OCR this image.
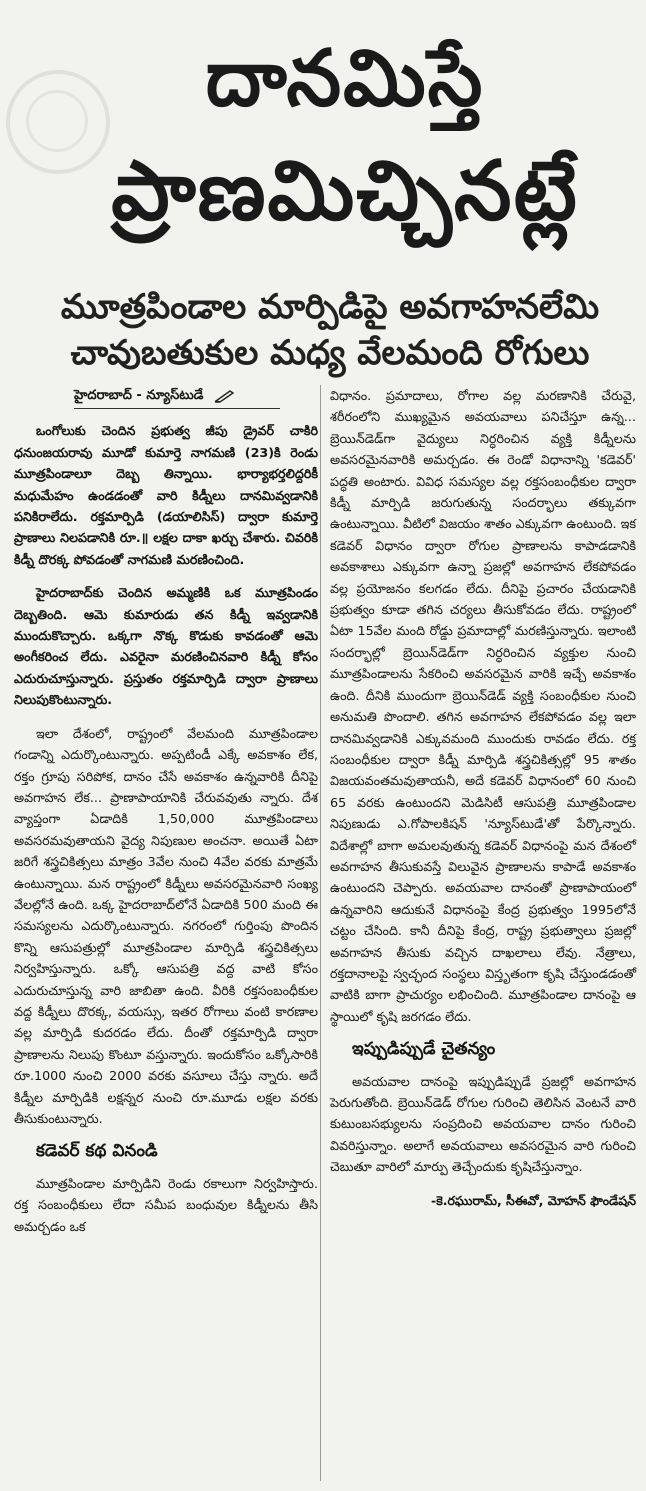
దానమిస్తే
ప్రాణమిచ్చినట్లే
మూత్రపిండాల మార్పిడిపై అవగాహనలేమి
చావుబతుకుల మధ్య వేలమంది రోగులు
హైదరాబాద్ - న్యూస్‌టుడే

ఒంగోలుకు చెందిన ప్రభుత్వ జీపు డ్రైవర్ చాకిరి ధనుంజయరావు మూడో కుమార్తె నాగమణి (23)కి రెండు మూత్రపిండాలూ దెబ్బ తిన్నాయి. భార్యాభర్తలిద్దరికీ మధుమేహం ఉండడంతో వారి కిడ్నీలు దానమివ్వడానికి పనికిరాలేదు. రక్తమార్పిడి (డయాలిసిస్) ద్వారా కుమార్తె ప్రాణాలు నిలపడానికి రూ.॥ లక్షల దాకా ఖర్చు చేశారు. చివరికి కిడ్నీ దొరక్క పోవడంతో నాగమణి మరణించింది.

హైదరాబాద్‌కు చెందిన అమ్మణికి ఒక మూత్రపిండం దెబ్బతింది. ఆమె కుమారుడు తన కిడ్నీ ఇవ్వడానికి ముందుకొచ్చారు. ఒక్కగా నొక్క కొడుకు కావడంతో ఆమె అంగీకరించ లేదు. ఎవరైనా మరణించినవారి కిడ్నీ కోసం ఎదురుచూస్తున్నారు. ప్రస్తుతం రక్తమార్పిడి ద్వారా ప్రాణాలు నిలుపుకొంటున్నారు.

ఇలా దేశంలో, రాష్ట్రంలో వేలమంది మూత్రపిండాల గండాన్ని ఎదుర్కొంటున్నారు. అప్పటిండీ ఎక్కే అవకాశం లేక, రక్తం గ్రూపు సరిపోక, దానం చేసే అవకాశం ఉన్నవారికి దీనిపై అవగాహన లేక... ప్రాణాపాయానికి చేరువవుతు న్నారు. దేశ వ్యాప్తంగా ఏడాదికి 1,50,000 మూత్రపిండాలు అవసరమవుతాయని వైద్య నిపుణుల అంచనా. అయితే ఏటా జరిగే శస్త్రచికిత్సలు మాత్రం 3వేల నుంచి 4వేల వరకు మాత్రమే ఉంటున్నాయి. మన రాష్ట్రంలో కిడ్నీలు అవసరమైనవారి సంఖ్య వేలల్లోనే ఉంది. ఒక్క హైదరాబాద్‌లోనే ఏడాదికి 500 మంది ఈ సమస్యలను ఎదుర్కొంటున్నారు. నగరంలో గుర్తింపు పొందిన కొన్ని ఆసుపత్రుల్లో మూత్రపిండాల మార్పిడి శస్త్రచికిత్సలు నిర్వహిస్తున్నారు. ఒక్కో ఆసుపత్రి వద్ద వాటి కోసం ఎదురుచూస్తున్న వారి జాబితా ఉంది. వీరికి రక్తసంబంధీకుల వద్ద కిడ్నీలు దొరక్క, వయస్సు, ఇతర రోగాలు వంటి కారణాల వల్ల మార్పిడి కుదరడం లేదు. దీంతో రక్తమార్పిడి ద్వారా ప్రాణాలను నిలుపు కొంటూ వస్తున్నారు. ఇందుకోసం ఒక్కోసారికి రూ.1000 నుంచి 2000 వరకు వసూలు చేస్తు న్నారు. అదే కిడ్నీల మార్పిడికి లక్షన్నర నుంచి రూ.మూడు లక్షల వరకు తీసుకుంటున్నారు.

కడెవర్ కథ వినండి

మూత్రపిండాల మార్పిడిని రెండు రకాలుగా నిర్వహిస్తారు. రక్త సంబంధీకులు లేదా సమీప బంధువుల కిడ్నీలను తీసి అమర్చడం ఒక

విధానం. ప్రమాదాలు, రోగాల వల్ల మరణానికి చేరువై, శరీరంలోని ముఖ్యమైన అవయవాలు పనిచేస్తూ ఉన్న... బ్రెయిన్‌డెడ్‌గా వైద్యులు నిర్ధరించిన వ్యక్తి కిడ్నీలను అవసరమైనవారికి అమర్చడం. ఈ రెండో విధానాన్ని 'కడెవర్' పద్ధతి అంటారు. వివిధ సమస్యల వల్ల రక్తసంబంధీకుల ద్వారా కిడ్నీ మార్పిడి జరుగుతున్న సందర్భాలు తక్కువగా ఉంటున్నాయి. వీటిలో విజయం శాతం ఎక్కువగా ఉంటుంది. ఇక కడెవర్ విధానం ద్వారా రోగుల ప్రాణాలను కాపాడడానికి అవకాశాలు ఎక్కువగా ఉన్నా ప్రజల్లో అవగాహన లేకపోవడం వల్ల ప్రయోజనం కలగడం లేదు. దీనిపై ప్రచారం చేయడానికి ప్రభుత్వం కూడా తగిన చర్యలు తీసుకోవడం లేదు. రాష్ట్రంలో ఏటా 15వేల మంది రోడ్డు ప్రమాదాల్లో మరణిస్తున్నారు. ఇలాంటి సందర్భాల్లో బ్రెయిన్‌డెడ్‌గా నిర్ధరించిన వ్యక్తుల నుంచి మూత్రపిండాలను సేకరించి అవసరమైన వారికి ఇచ్చే అవకాశం ఉంది. దీనికి ముందుగా బ్రెయిన్‌డెడ్ వ్యక్తి సంబంధీకుల నుంచి అనుమతి పొందాలి. తగిన అవగాహన లేకపోవడం వల్ల ఇలా దానమివ్వడానికి ఎక్కువమంది ముందుకు రావడం లేదు. రక్త సంబంధీకుల ద్వారా కిడ్నీ మార్పిడి శస్త్రచికిత్సల్లో 95 శాతం విజయవంతమవుతాయనీ, అదే కడెవర్ విధానంలో 60 నుంచి 65 వరకు ఉంటుందని మెడిసిటీ ఆసుపత్రి మూత్రపిండాల నిపుణుడు ఎ.గోపాలకిషన్ 'న్యూస్‌టుడే'తో పేర్కొన్నారు. విదేశాల్లో బాగా అమలవుతున్న కడెవర్ విధానంపై మన దేశంలో అవగాహన తీసుకువస్తే విలువైన ప్రాణాలను కాపాడే అవకాశం ఉంటుందని చెప్పారు. అవయవాల దానంతో ప్రాణాపాయంలో ఉన్నవారిని ఆదుకునే విధానంపై కేంద్ర ప్రభుత్వం 1995లోనే చట్టం చేసింది. కానీ దీనిపై కేంద్ర, రాష్ట్ర ప్రభుత్వాలు ప్రజల్లో అవగాహన తీసుకు వచ్చిన దాఖలాలు లేవు. నేత్రాలు, రక్తదానాలపై స్వచ్ఛంద సంస్థలు విస్తృతంగా కృషి చేస్తుండడంతో వాటికి బాగా ప్రాచుర్యం లభించింది. మూత్రపిండాల దానంపై ఆ స్థాయిలో కృషి జరగడం లేదు.

ఇప్పుడిప్పుడే చైతన్యం

అవయవాల దానంపై ఇప్పుడిప్పుడే ప్రజల్లో అవగాహన పెరుగుతోంది. బ్రెయిన్‌డెడ్ రోగుల గురించి తెలిసిన వెంటనే వారి కుటుంబసభ్యులను సంప్రదించి అవయవాల దానం గురించి వివరిస్తున్నాం. అలాగే అవయవాలు అవసరమైన వారి గురించి చెబుతూ వారిలో మార్పు తెచ్చేందుకు కృషిచేస్తున్నాం.

-కె.రఘురామ్, సీఈవో, మోహన్ ఫౌండేషన్
